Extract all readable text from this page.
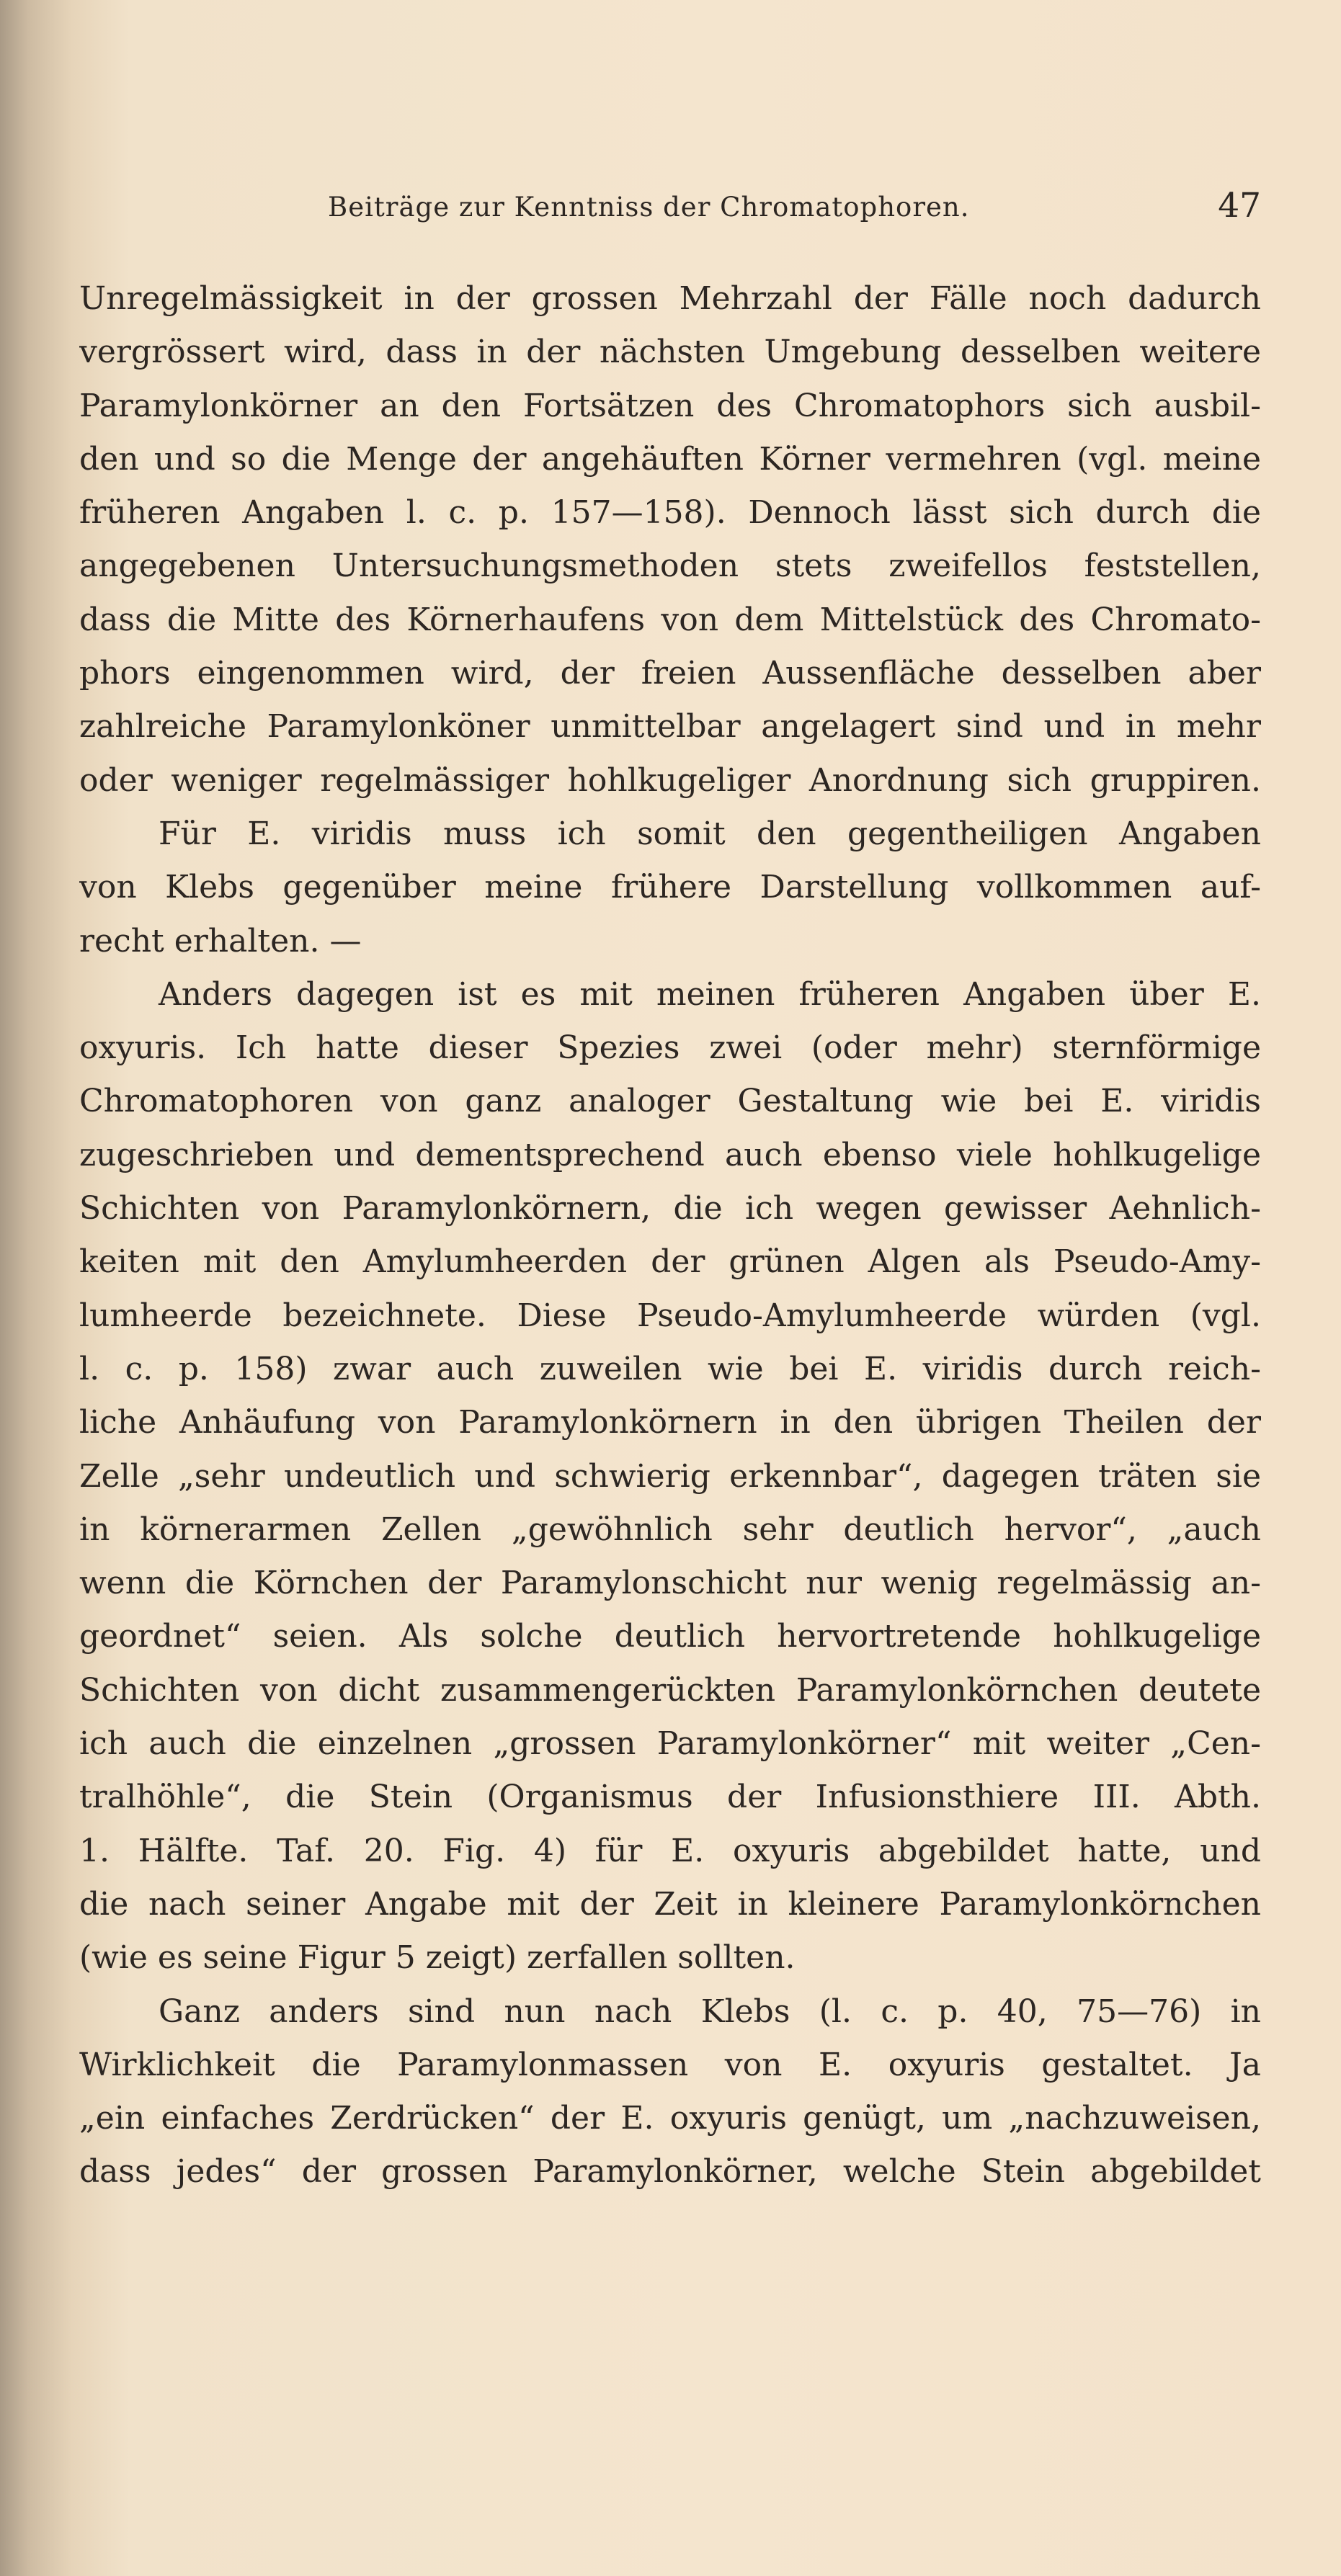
Beiträge zur Kenntniss der Chromatophoren.	47
Unregelmässigkeit in der grossen Mehrzahl der Fälle noch dadurch
vergrössert wird, dass in der nächsten Umgebung desselben weitere
Paramylonkörner an den Fortsätzen des Chromatophors sich ausbil-
den und so die Menge der angehäuften Körner vermehren (vgl. meine
früheren Angaben l. c. p. 157—158). Dennoch lässt sich durch die
angegebenen Untersuchungsmethoden stets zweifellos feststellen,
dass die Mitte des Körnerhaufens von dem Mittelstück des Chromato-
phors eingenommen wird, der freien Aussenfläche desselben aber
zahlreiche Paramylonköner unmittelbar angelagert sind und in mehr
oder weniger regelmässiger hohlkugeliger Anordnung sich gruppiren.
Für E. viridis muss ich somit den gegentheiligen Angaben
von Klebs gegenüber meine frühere Darstellung vollkommen auf-
recht erhalten. —
Anders dagegen ist es mit meinen früheren Angaben über E.
oxyuris. Ich hatte dieser Spezies zwei (oder mehr) sternförmige
Chromatophoren von ganz analoger Gestaltung wie bei E. viridis
zugeschrieben und dementsprechend auch ebenso viele hohlkugelige
Schichten von Paramylonkörnern, die ich wegen gewisser Aehnlich-
keiten mit den Amylumheerden der grünen Algen als Pseudo-Amy-
lumheerde bezeichnete. Diese Pseudo-Amylumheerde würden (vgl.
l. c. p. 158) zwar auch zuweilen wie bei E. viridis durch reich-
liche Anhäufung von Paramylonkörnern in den übrigen Theilen der
Zelle „sehr undeutlich und schwierig erkennbar“, dagegen träten sie
in körnerarmen Zellen „gewöhnlich sehr deutlich hervor“, „auch
wenn die Körnchen der Paramylonschicht nur wenig regelmässig an-
geordnet“ seien. Als solche deutlich hervortretende hohlkugelige
Schichten von dicht zusammengerückten Paramylonkörnchen deutete
ich auch die einzelnen „grossen Paramylonkörner“ mit weiter „Cen-
tralhöhle“, die Stein (Organismus der Infusionsthiere III. Abth.
1. Hälfte. Taf. 20. Fig. 4) für E. oxyuris abgebildet hatte, und
die nach seiner Angabe mit der Zeit in kleinere Paramylonkörnchen
(wie es seine Figur 5 zeigt) zerfallen sollten.
Ganz anders sind nun nach Klebs (l. c. p. 40, 75—76) in
Wirklichkeit die Paramylonmassen von E. oxyuris gestaltet. Ja
„ein einfaches Zerdrücken“ der E. oxyuris genügt, um „nachzuweisen,
dass jedes“ der grossen Paramylonkörner, welche Stein abgebildet
